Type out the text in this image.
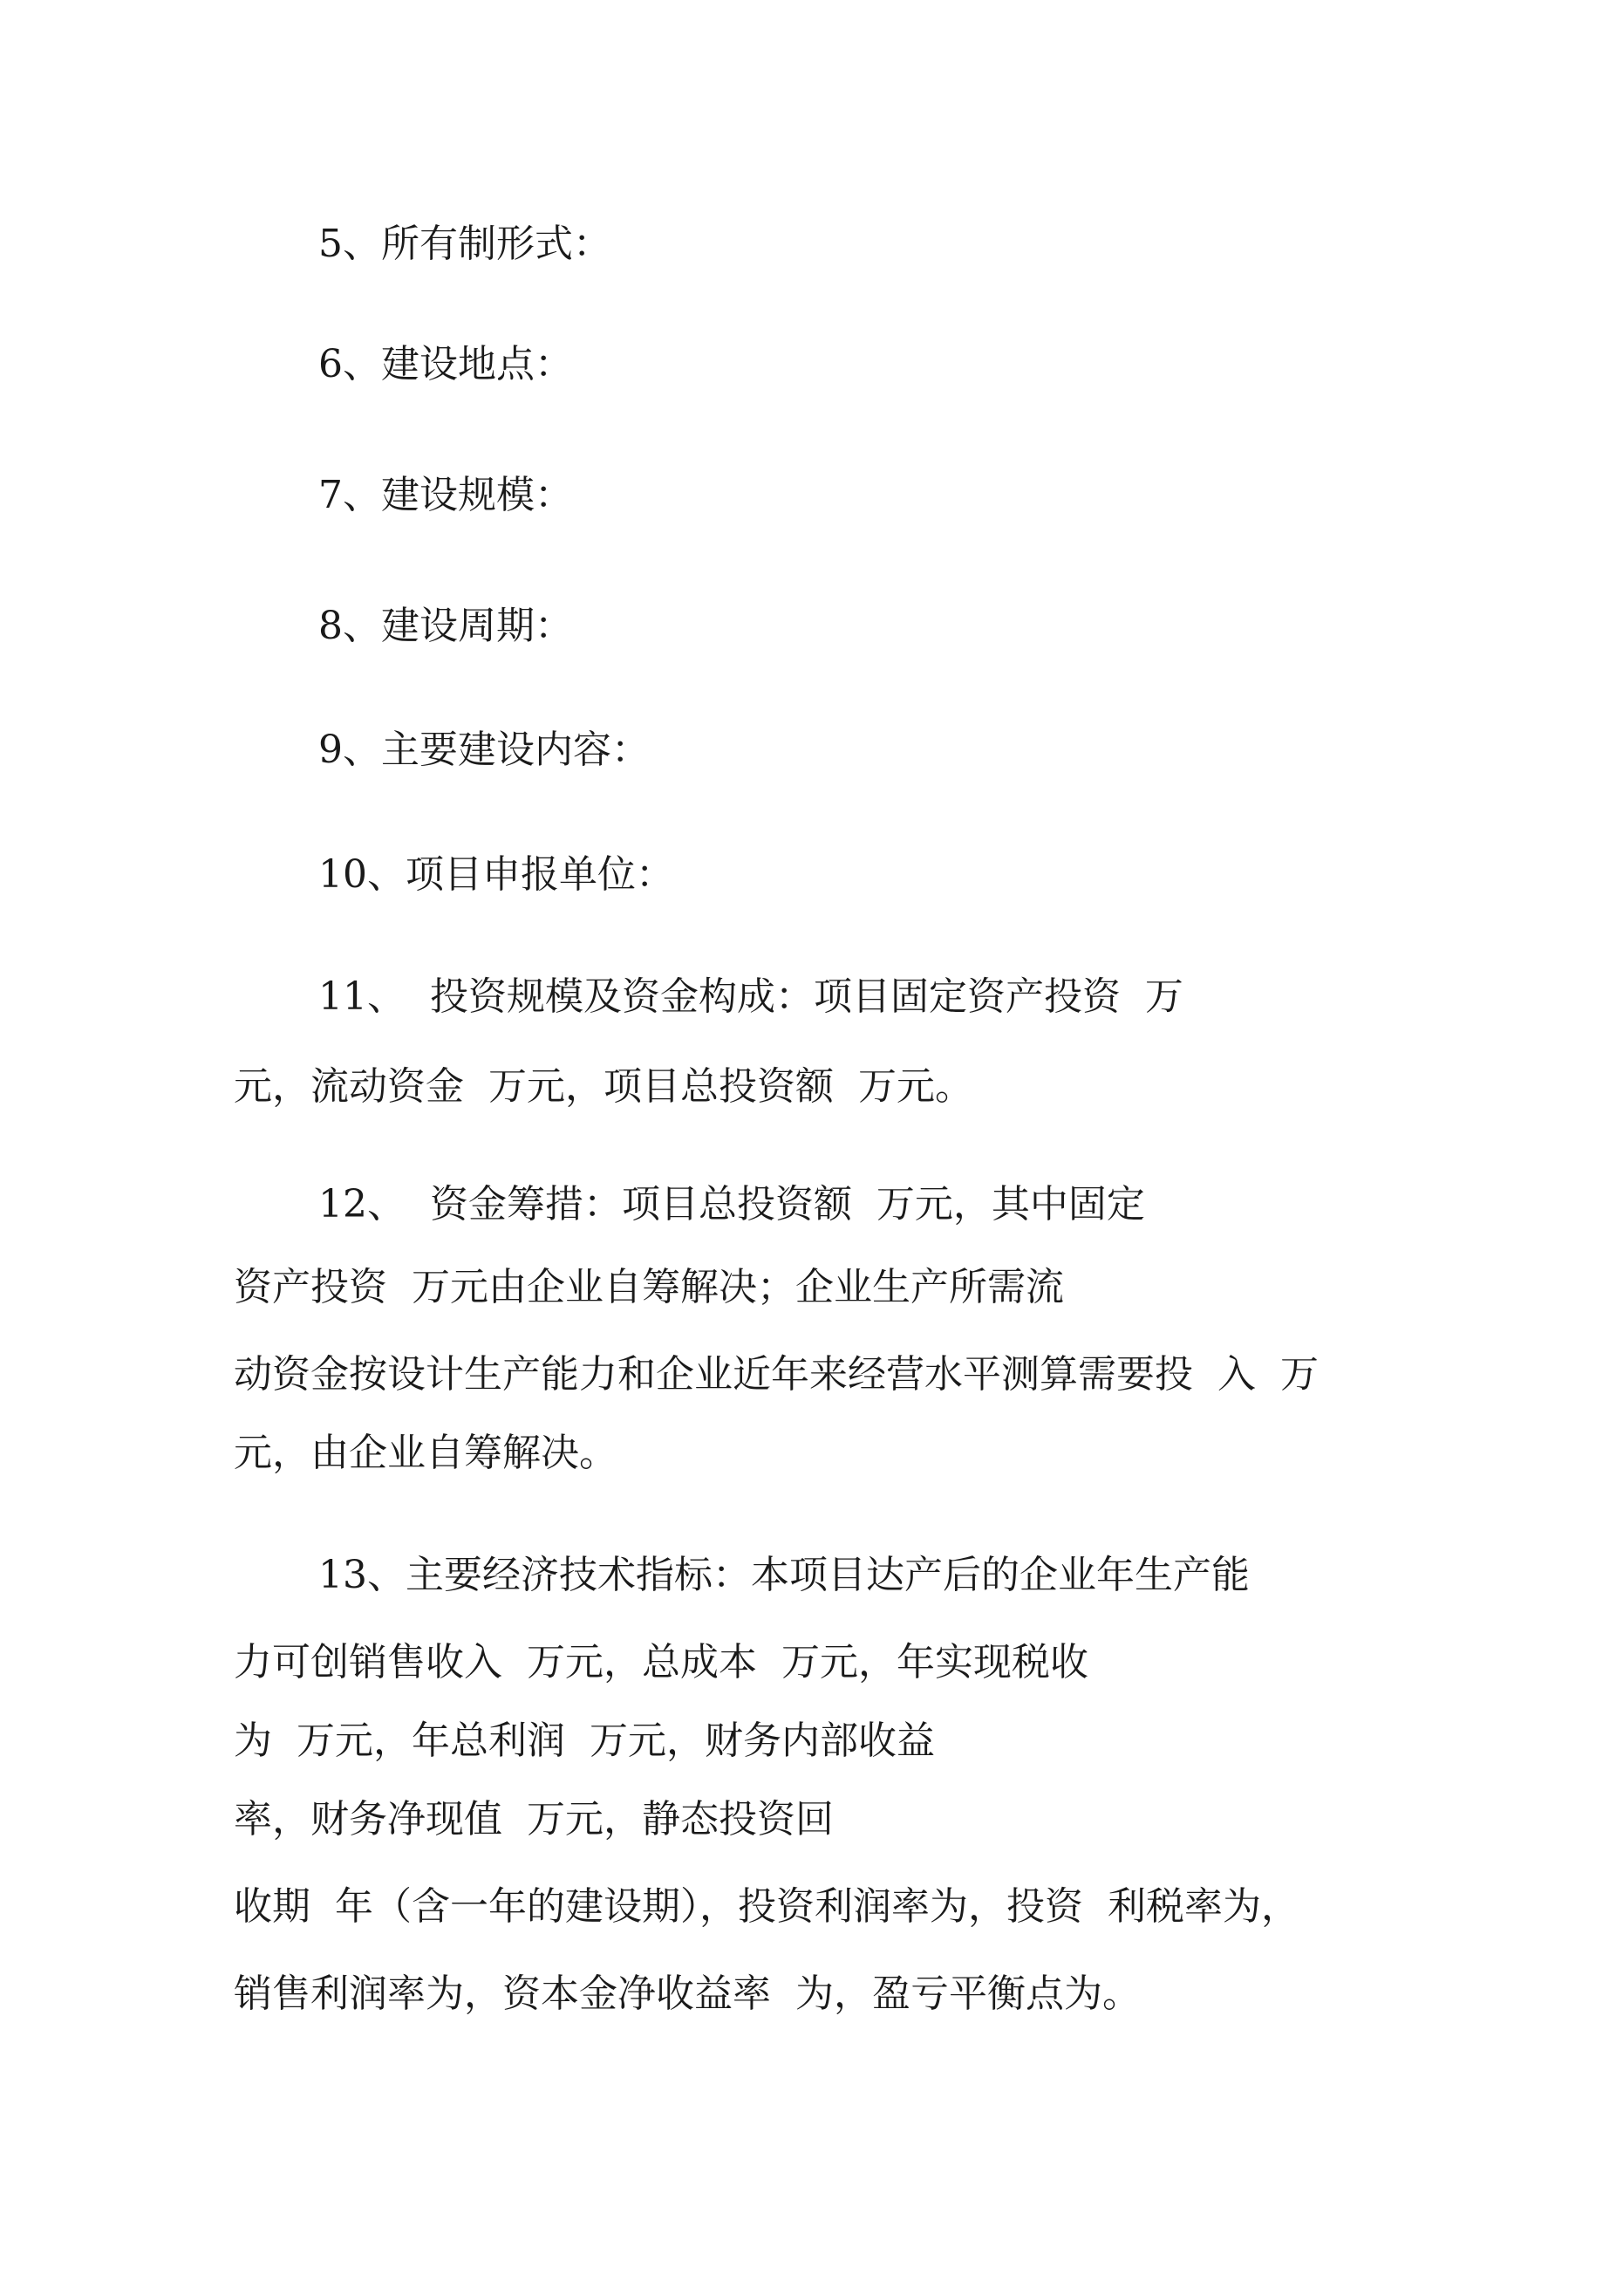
5、所有制形式：
6、建设地点：
7、建设规模：
8、建设周期：
9、主要建设内容：
10、项目申报单位：
11、  投资规模及资金构成：项目固定资产投资  万
元，流动资金  万元，项目总投资额  万元。
12、  资金筹措：项目总投资额  万元，其中固定
资产投资  万元由企业自筹解决；企业生产所需流
动资金按设计生产能力和企业近年来经营水平测算需要投  入  万
元，由企业自筹解决。
13、主要经济技术指标：本项目达产后的企业年生产能
力可创销售收入  万元，总成本  万元，年实现税收
为  万元，年总利润  万元，财务内部收益
率，财务净现值  万元，静态投资回
收期  年（含一年的建设期），投资利润率为，投资  利税率为，
销售利润率为，资本金净收益率  为，盈亏平衡点为。
